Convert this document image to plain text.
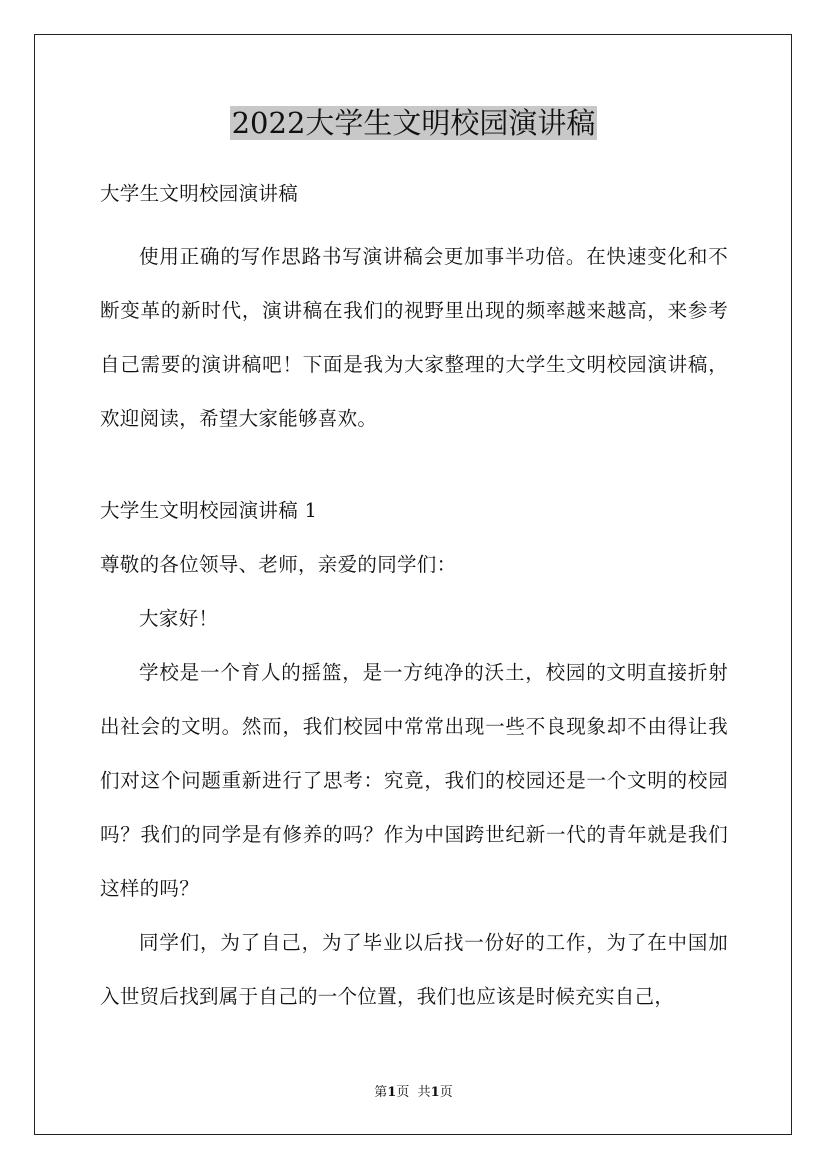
2022大学生文明校园演讲稿
大学生文明校园演讲稿

使用正确的写作思路书写演讲稿会更加事半功倍。在快速变化和不断变革的新时代，演讲稿在我们的视野里出现的频率越来越高，来参考自己需要的演讲稿吧！下面是我为大家整理的大学生文明校园演讲稿，欢迎阅读，希望大家能够喜欢。

大学生文明校园演讲稿 1
尊敬的各位领导、老师，亲爱的同学们：

大家好！

学校是一个育人的摇篮，是一方纯净的沃土，校园的文明直接折射出社会的文明。然而，我们校园中常常出现一些不良现象却不由得让我们对这个问题重新进行了思考：究竟，我们的校园还是一个文明的校园吗？我们的同学是有修养的吗？作为中国跨世纪新一代的青年就是我们这样的吗？

同学们，为了自己，为了毕业以后找一份好的工作，为了在中国加入世贸后找到属于自己的一个位置，我们也应该是时候充实自己，

第1页 共1页
